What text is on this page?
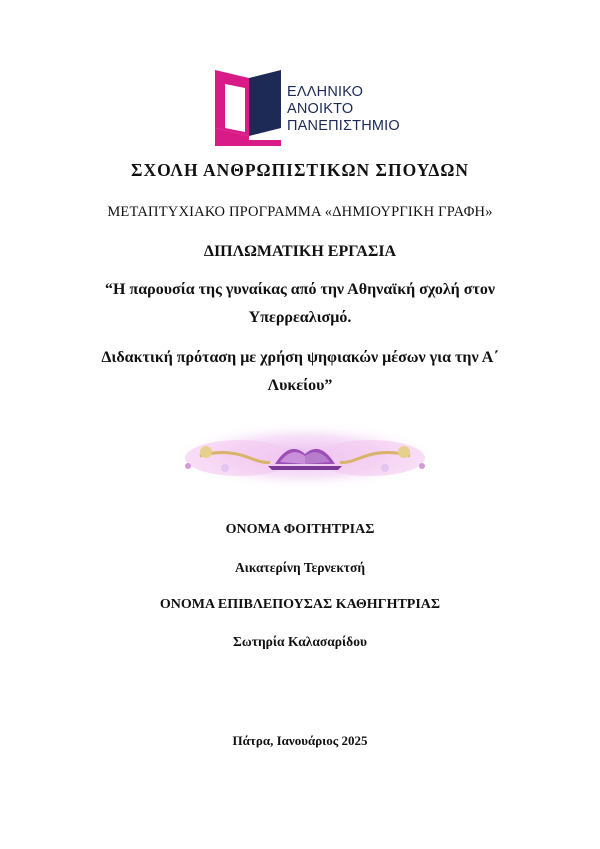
ΕΛΛΗΝΙΚΟ
ΑΝΟΙΚΤΟ
ΠΑΝΕΠΙΣΤΗΜΙΟ
ΣΧΟΛΗ ΑΝΘΡΩΠΙΣΤΙΚΩΝ ΣΠΟΥΔΩΝ
ΜΕΤΑΠΤΥΧΙΑΚΟ ΠΡΟΓΡΑΜΜΑ «ΔΗΜΙΟΥΡΓΙΚΗ ΓΡΑΦΗ»
ΔΙΠΛΩΜΑΤΙΚΗ ΕΡΓΑΣΙΑ
“Η παρουσία της γυναίκας από την Αθηναϊκή σχολή στον
Υπερρεαλισμό.
Διδακτική πρόταση με χρήση ψηφιακών μέσων για την Α΄
Λυκείου”
ΟΝΟΜΑ ΦΟΙΤΗΤΡΙΑΣ
Αικατερίνη Τερνεκτσή
ΟΝΟΜΑ ΕΠΙΒΛΕΠΟΥΣΑΣ ΚΑΘΗΓΗΤΡΙΑΣ
Σωτηρία Καλασαρίδου
Πάτρα, Ιανουάριος 2025
